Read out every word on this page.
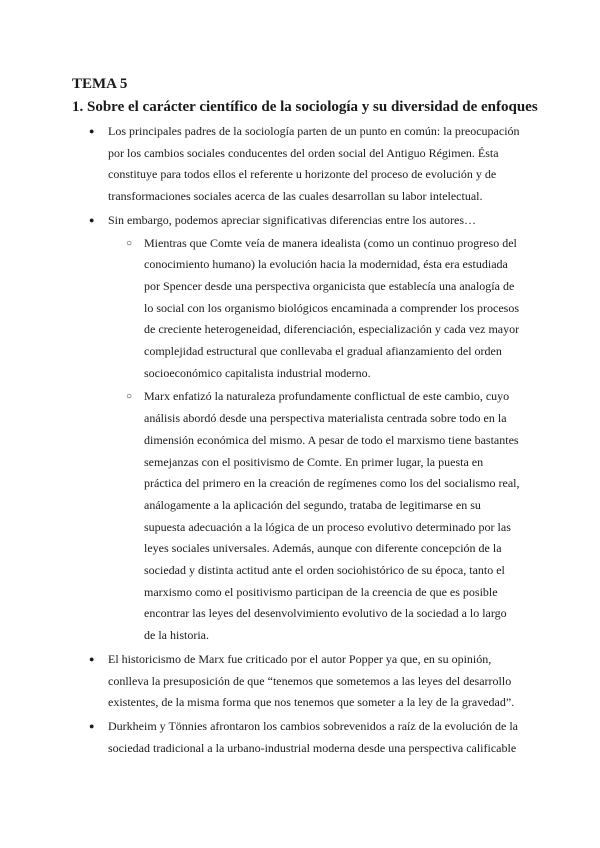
TEMA 5
1. Sobre el carácter científico de la sociología y su diversidad de enfoques
● Los principales padres de la sociología parten de un punto en común: la preocupación por los cambios sociales conducentes del orden social del Antiguo Régimen. Ésta constituye para todos ellos el referente u horizonte del proceso de evolución y de transformaciones sociales acerca de las cuales desarrollan su labor intelectual.
● Sin embargo, podemos apreciar significativas diferencias entre los autores…
○ Mientras que Comte veía de manera idealista (como un continuo progreso del conocimiento humano) la evolución hacia la modernidad, ésta era estudiada por Spencer desde una perspectiva organicista que establecía una analogía de lo social con los organismo biológicos encaminada a comprender los procesos de creciente heterogeneidad, diferenciación, especialización y cada vez mayor complejidad estructural que conllevaba el gradual afianzamiento del orden socioeconómico capitalista industrial moderno.
○ Marx enfatizó la naturaleza profundamente conflictual de este cambio, cuyo análisis abordó desde una perspectiva materialista centrada sobre todo en la dimensión económica del mismo. A pesar de todo el marxismo tiene bastantes semejanzas con el positivismo de Comte. En primer lugar, la puesta en práctica del primero en la creación de regímenes como los del socialismo real, análogamente a la aplicación del segundo, trataba de legitimarse en su supuesta adecuación a la lógica de un proceso evolutivo determinado por las leyes sociales universales. Además, aunque con diferente concepción de la sociedad y distinta actitud ante el orden sociohistórico de su época, tanto el marxismo como el positivismo participan de la creencia de que es posible encontrar las leyes del desenvolvimiento evolutivo de la sociedad a lo largo de la historia.
● El historicismo de Marx fue criticado por el autor Popper ya que, en su opinión, conlleva la presuposición de que “tenemos que sometemos a las leyes del desarrollo existentes, de la misma forma que nos tenemos que someter a la ley de la gravedad”.
● Durkheim y Tönnies afrontaron los cambios sobrevenidos a raíz de la evolución de la sociedad tradicional a la urbano-industrial moderna desde una perspectiva calificable
